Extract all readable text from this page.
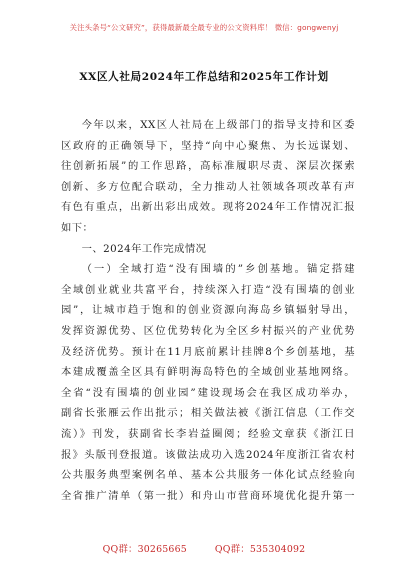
关注头条号“公文研究”，获得最新最全最专业的公文资料库！ 微信：gongwenyj
XX区人社局2024年工作总结和2025年工作计划
今年以来，XX区人社局在上级部门的指导支持和区委
区政府的正确领导下，坚持“向中心聚焦、为长远谋划、
往创新拓展”的工作思路，高标准履职尽责、深层次探索
创新、多方位配合联动，全力推动人社领域各项改革有声
有色有重点，出新出彩出成效。现将2024年工作情况汇报
如下：
一、2024年工作完成情况
（一）全域打造“没有围墙的”乡创基地。锚定搭建
全域创业就业共富平台，持续深入打造“没有围墙的创业
园”，让城市趋于饱和的创业资源向海岛乡镇辐射导出，
发挥资源优势、区位优势转化为全区乡村振兴的产业优势
及经济优势。预计在11月底前累计挂牌8个乡创基地，基
本建成覆盖全区具有鲜明海岛特色的全域创业基地网络。
全省“没有围墙的创业园”建设现场会在我区成功举办，
副省长张雁云作出批示；相关做法被《浙江信息（工作交
流）》刊发，获副省长李岩益圈阅；经验文章获《浙江日
报》头版刊登报道。该做法成功入选2024年度浙江省农村
公共服务典型案例名单、基本公共服务一体化试点经验向
全省推广清单（第一批）和舟山市营商环境优化提升第一
QQ群：30265665	QQ群：535304092
